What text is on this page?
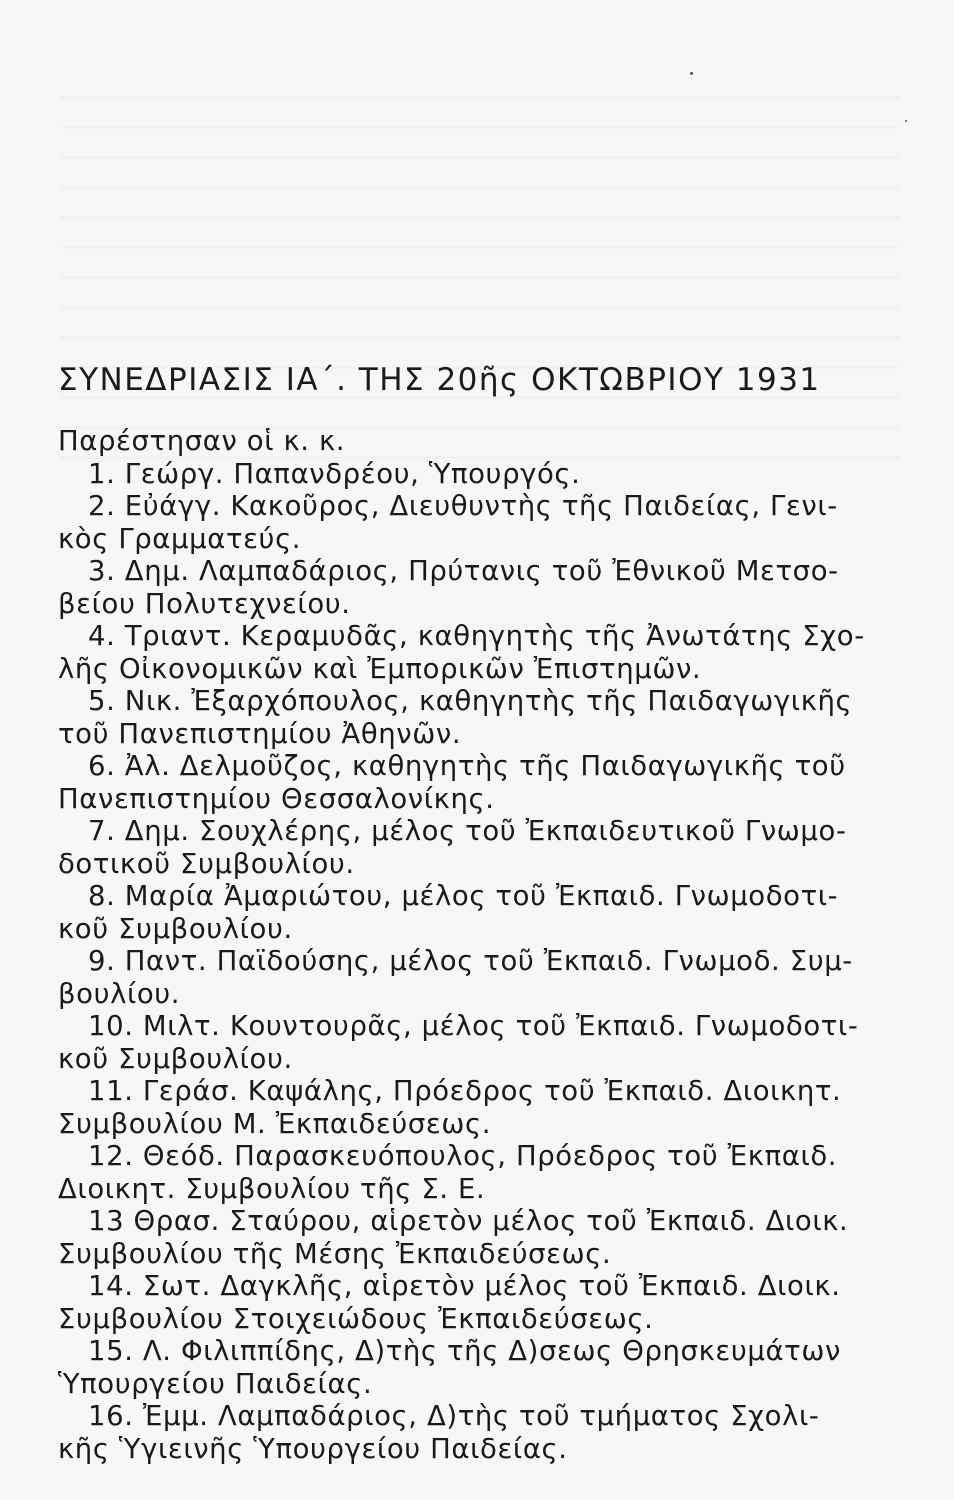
ΣΥΝΕΔΡΙΑΣΙΣ ΙΑ΄. ΤΗΣ 20ῆς ΟΚΤΩΒΡΙΟΥ 1931

Παρέστησαν οἱ κ. κ.

1. Γεώργ. Παπανδρέου, Ὑπουργός.

2. Εὐάγγ. Κακοῦρος, Διευθυντὴς τῆς Παιδείας, Γενι-

κὸς Γραμματεύς.

3. Δημ. Λαμπαδάριος, Πρύτανις τοῦ Ἐθνικοῦ Μετσο-

βείου Πολυτεχνείου.

4. Τριαντ. Κεραμυδᾶς, καθηγητὴς τῆς Ἀνωτάτης Σχο-

λῆς Οἰκονομικῶν καὶ Ἐμπορικῶν Ἐπιστημῶν.

5. Νικ. Ἐξαρχόπουλος, καθηγητὴς τῆς Παιδαγωγικῆς

τοῦ Πανεπιστημίου Ἀθηνῶν.

6. Ἀλ. Δελμοῦζος, καθηγητὴς τῆς Παιδαγωγικῆς τοῦ

Πανεπιστημίου Θεσσαλονίκης.

7. Δημ. Σουχλέρης, μέλος τοῦ Ἐκπαιδευτικοῦ Γνωμο-

δοτικοῦ Συμβουλίου.

8. Μαρία Ἀμαριώτου, μέλος τοῦ Ἐκπαιδ. Γνωμοδοτι-

κοῦ Συμβουλίου.

9. Παντ. Παϊδούσης, μέλος τοῦ Ἐκπαιδ. Γνωμοδ. Συμ-

βουλίου.

10. Μιλτ. Κουντουρᾶς, μέλος τοῦ Ἐκπαιδ. Γνωμοδοτι-

κοῦ Συμβουλίου.

11. Γεράσ. Καψάλης, Πρόεδρος τοῦ Ἐκπαιδ. Διοικητ.

Συμβουλίου Μ. Ἐκπαιδεύσεως.

12. Θεόδ. Παρασκευόπουλος, Πρόεδρος τοῦ Ἐκπαιδ.

Διοικητ. Συμβουλίου τῆς Σ. Ε.

13 Θρασ. Σταύρου, αἱρετὸν μέλος τοῦ Ἐκπαιδ. Διοικ.

Συμβουλίου τῆς Μέσης Ἐκπαιδεύσεως.

14. Σωτ. Δαγκλῆς, αἱρετὸν μέλος τοῦ Ἐκπαιδ. Διοικ.

Συμβουλίου Στοιχειώδους Ἐκπαιδεύσεως.

15. Λ. Φιλιππίδης, Δ)τὴς τῆς Δ)σεως Θρησκευμάτων

Ὑπουργείου Παιδείας.

16. Ἐμμ. Λαμπαδάριος, Δ)τὴς τοῦ τμήματος Σχολι-

κῆς Ὑγιεινῆς Ὑπουργείου Παιδείας.
